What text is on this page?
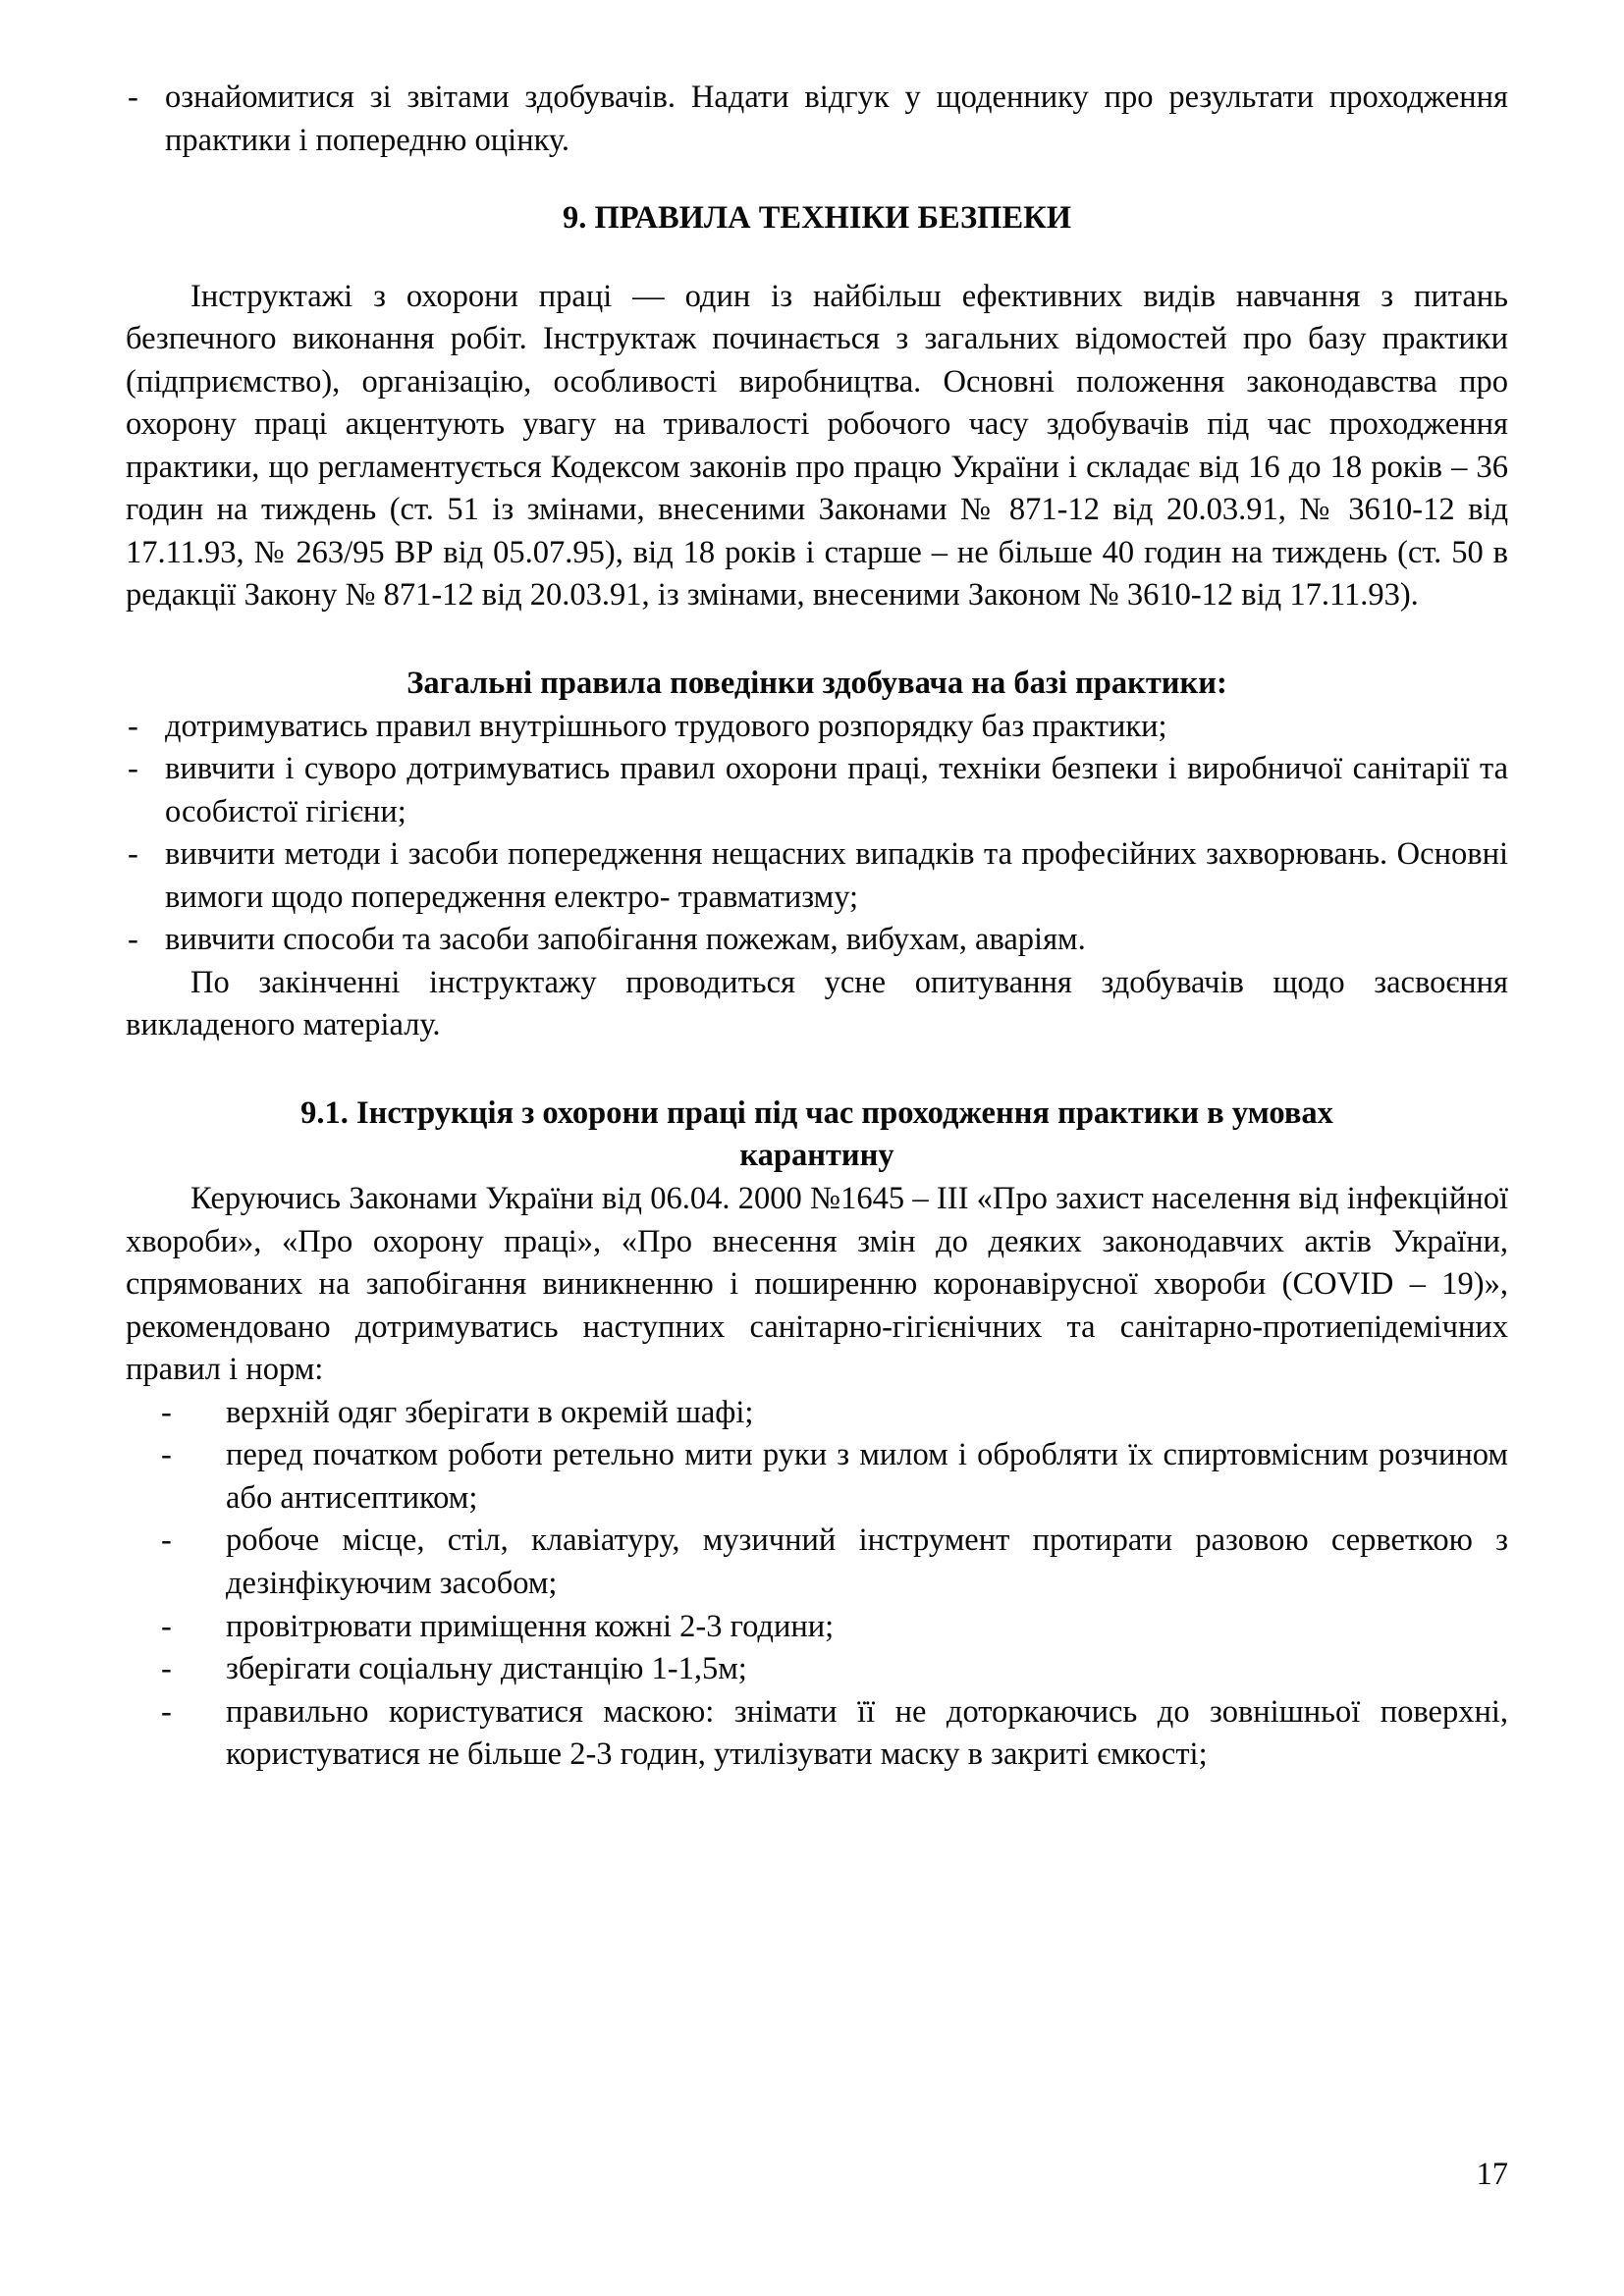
- ознайомитися зі звітами здобувачів. Надати відгук у щоденнику про результати проходження практики і попередню оцінку.
9. ПРАВИЛА ТЕХНІКИ БЕЗПЕКИ

Інструктажі з охорони праці — один із найбільш ефективних видів навчання з питань безпечного виконання робіт. Інструктаж починається з загальних відомостей про базу практики (підприємство), організацію, особливості виробництва. Основні положення законодавства про охорону праці акцентують увагу на тривалості робочого часу здобувачів під час проходження практики, що регламентується Кодексом законів про працю України і складає від 16 до 18 років – 36 годин на тиждень (ст. 51 із змінами, внесеними Законами № 871-12 від 20.03.91, № 3610-12 від 17.11.93, № 263/95 ВР від 05.07.95), від 18 років і старше – не більше 40 годин на тиждень (ст. 50 в редакції Закону № 871-12 від 20.03.91, із змінами, внесеними Законом № 3610-12 від 17.11.93).

Загальні правила поведінки здобувача на базі практики:
- дотримуватись правил внутрішнього трудового розпорядку баз практики;
- вивчити і суворо дотримуватись правил охорони праці, техніки безпеки і виробничої санітарії та особистої гігієни;
- вивчити методи і засоби попередження нещасних випадків та професійних захворювань. Основні вимоги щодо попередження електро- травматизму;
- вивчити способи та засоби запобігання пожежам, вибухам, аваріям.

По закінченні інструктажу проводиться усне опитування здобувачів щодо засвоєння викладеного матеріалу.

9.1. Інструкція з охорони праці під час проходження практики в умовах
карантину

Керуючись Законами України від 06.04. 2000 №1645 – III «Про захист населення від інфекційної хвороби», «Про охорону праці», «Про внесення змін до деяких законодавчих актів України, спрямованих на запобігання виникненню і поширенню коронавірусної хвороби (COVID – 19)», рекомендовано дотримуватись наступних санітарно-гігієнічних та санітарно-протиепідемічних правил і норм:

- верхній одяг зберігати в окремій шафі;
- перед початком роботи ретельно мити руки з милом і обробляти їх спиртовмісним розчином або антисептиком;
- робоче місце, стіл, клавіатуру, музичний інструмент протирати разовою серветкою з дезінфікуючим засобом;
- провітрювати приміщення кожні 2-3 години;
- зберігати соціальну дистанцію 1-1,5м;
- правильно користуватися маскою: знімати її не доторкаючись до зовнішньої поверхні, користуватися не більше 2-3 годин, утилізувати маску в закриті ємкості;
17
